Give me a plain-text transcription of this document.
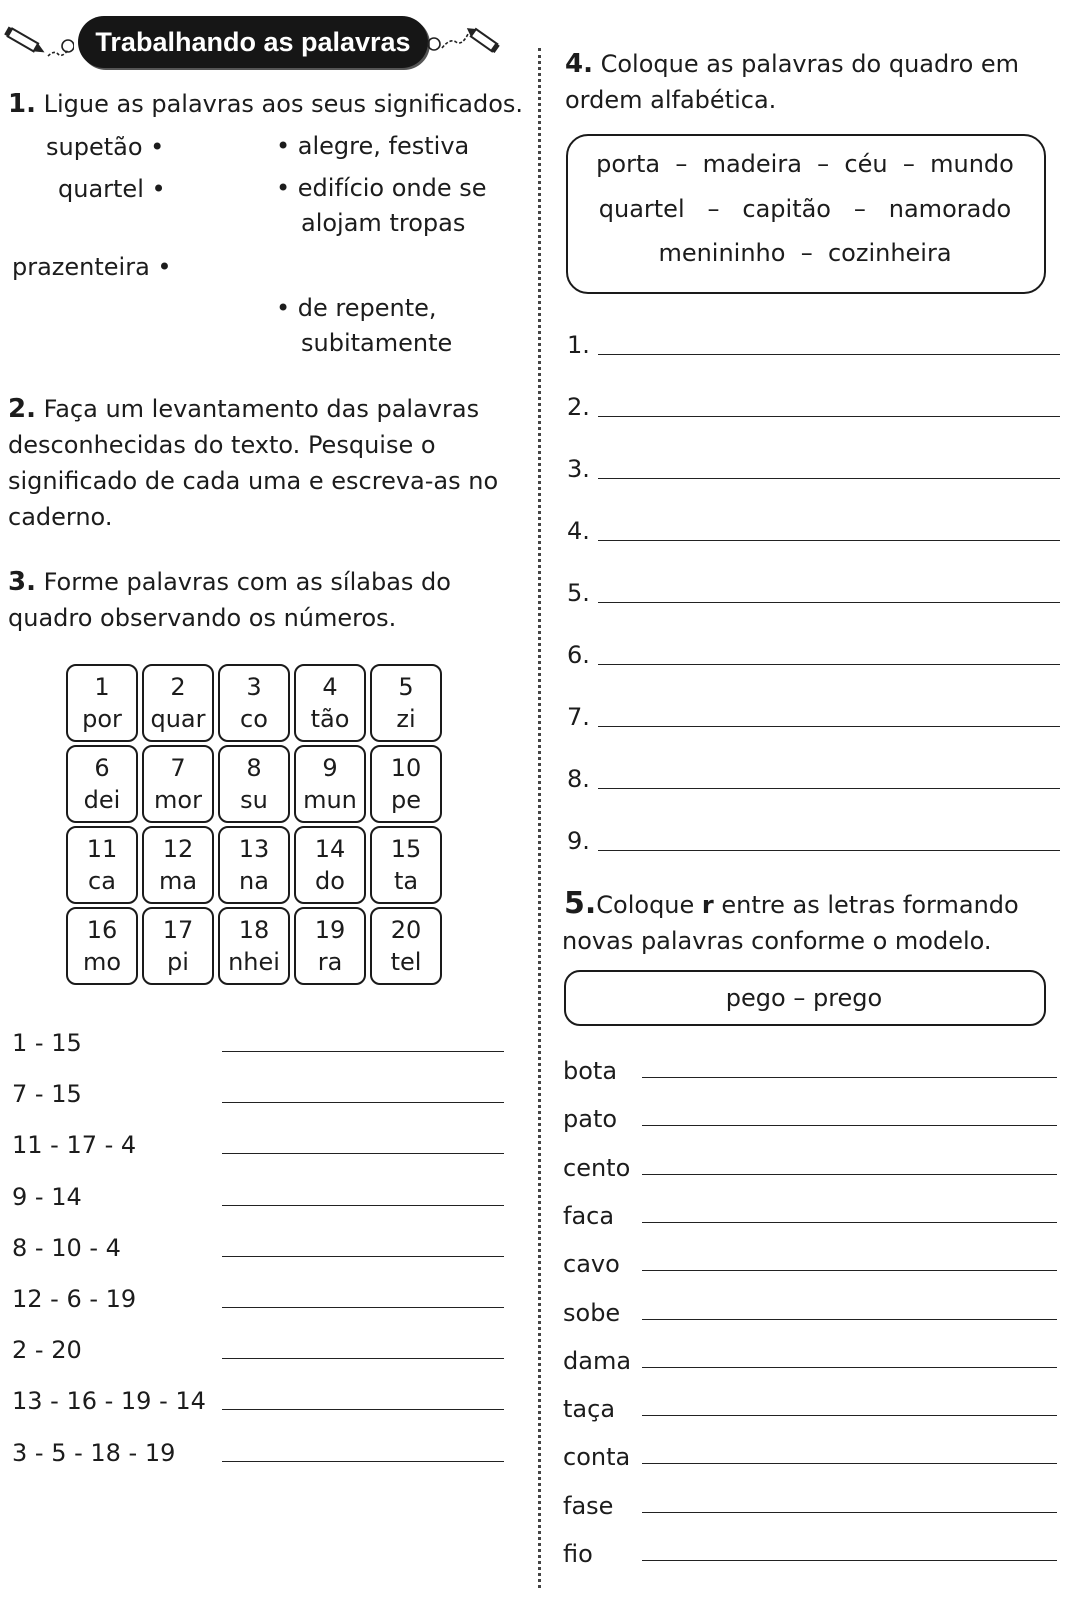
Trabalhando as palavras
1. Ligue as palavras aos seus significados.
supetão •
quartel •
prazenteira •
• alegre, festiva
• edifício onde se
alojam tropas
• de repente,
subitamente
2. Faça um levantamento das palavras
desconhecidas do texto. Pesquise o
significado de cada uma e escreva-as no
caderno.
3. Forme palavras com as sílabas do
quadro observando os números.
1
por
2
quar
3
co
4
tão
5
zi
6
dei
7
mor
8
su
9
mun
10
pe
11
ca
12
ma
13
na
14
do
15
ta
16
mo
17
pi
18
nhei
19
ra
20
tel
1 - 15
7 - 15
11 - 17 - 4
9 - 14
8 - 10 - 4
12 - 6 - 19
2 - 20
13 - 16 - 19 - 14
3 - 5 - 18 - 19
4. Coloque as palavras do quadro em
ordem alfabética.
porta  –  madeira  –  céu  –  mundo
quartel   –   capitão   –   namorado
menininho  –  cozinheira
1.
2.
3.
4.
5.
6.
7.
8.
9.
5.Coloque r entre as letras formando
novas palavras conforme o modelo.
pego – prego
bota
pato
cento
faca
cavo
sobe
dama
taça
conta
fase
fio
